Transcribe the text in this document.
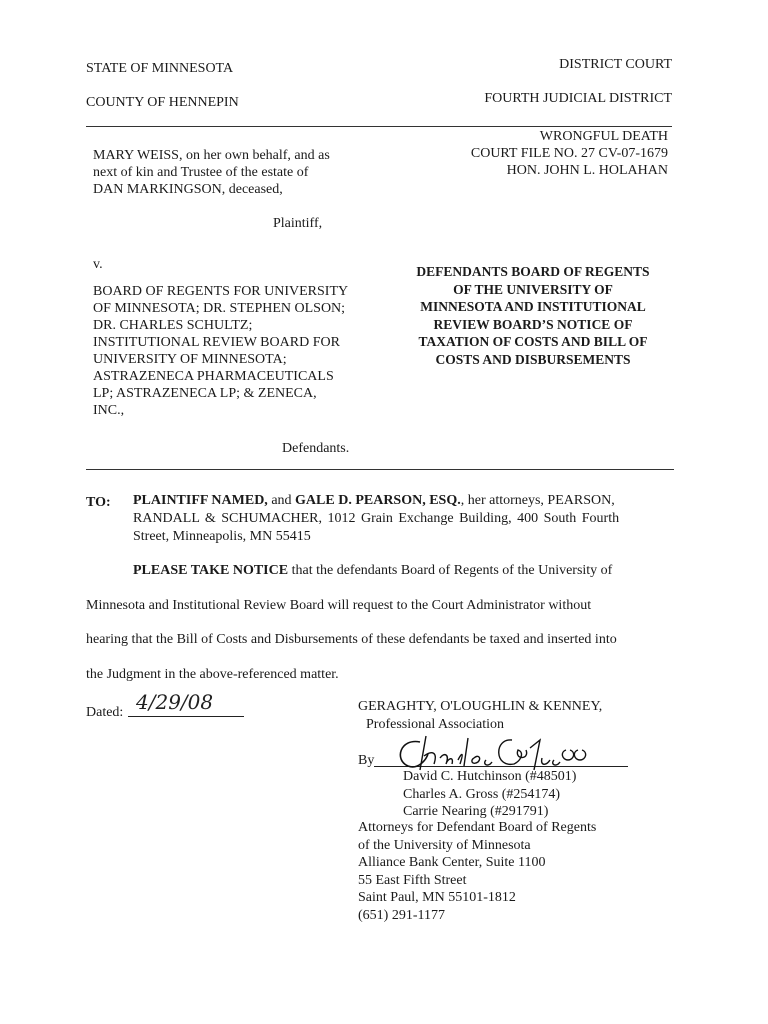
STATE OF MINNESOTA
COUNTY OF HENNEPIN
DISTRICT COURT
FOURTH JUDICIAL DISTRICT
WRONGFUL DEATH
COURT FILE NO. 27 CV-07-1679
HON. JOHN L. HOLAHAN
MARY WEISS, on her own behalf, and as
next of kin and Trustee of the estate of
DAN MARKINGSON, deceased,
Plaintiff,
v.
BOARD OF REGENTS FOR UNIVERSITY
OF MINNESOTA; DR. STEPHEN OLSON;
DR. CHARLES SCHULTZ;
INSTITUTIONAL REVIEW BOARD FOR
UNIVERSITY OF MINNESOTA;
ASTRAZENECA PHARMACEUTICALS
LP; ASTRAZENECA LP; & ZENECA,
INC.,
Defendants.
DEFENDANTS BOARD OF REGENTS
OF THE UNIVERSITY OF
MINNESOTA AND INSTITUTIONAL
REVIEW BOARD’S NOTICE OF
TAXATION OF COSTS AND BILL OF
COSTS AND DISBURSEMENTS
TO: PLAINTIFF NAMED, and GALE D. PEARSON, ESQ., her attorneys, PEARSON,
RANDALL & SCHUMACHER, 1012 Grain Exchange Building, 400 South Fourth
Street, Minneapolis, MN 55415
PLEASE TAKE NOTICE that the defendants Board of Regents of the University of
Minnesota and Institutional Review Board will request to the Court Administrator without
hearing that the Bill of Costs and Disbursements of these defendants be taxed and inserted into
the Judgment in the above-referenced matter.
Dated: 4/29/08	GERAGHTY, O'LOUGHLIN & KENNEY,
Professional Association
By
David C. Hutchinson (#48501)
Charles A. Gross (#254174)
Carrie Nearing (#291791)
Attorneys for Defendant Board of Regents
of the University of Minnesota
Alliance Bank Center, Suite 1100
55 East Fifth Street
Saint Paul, MN 55101-1812
(651) 291-1177
